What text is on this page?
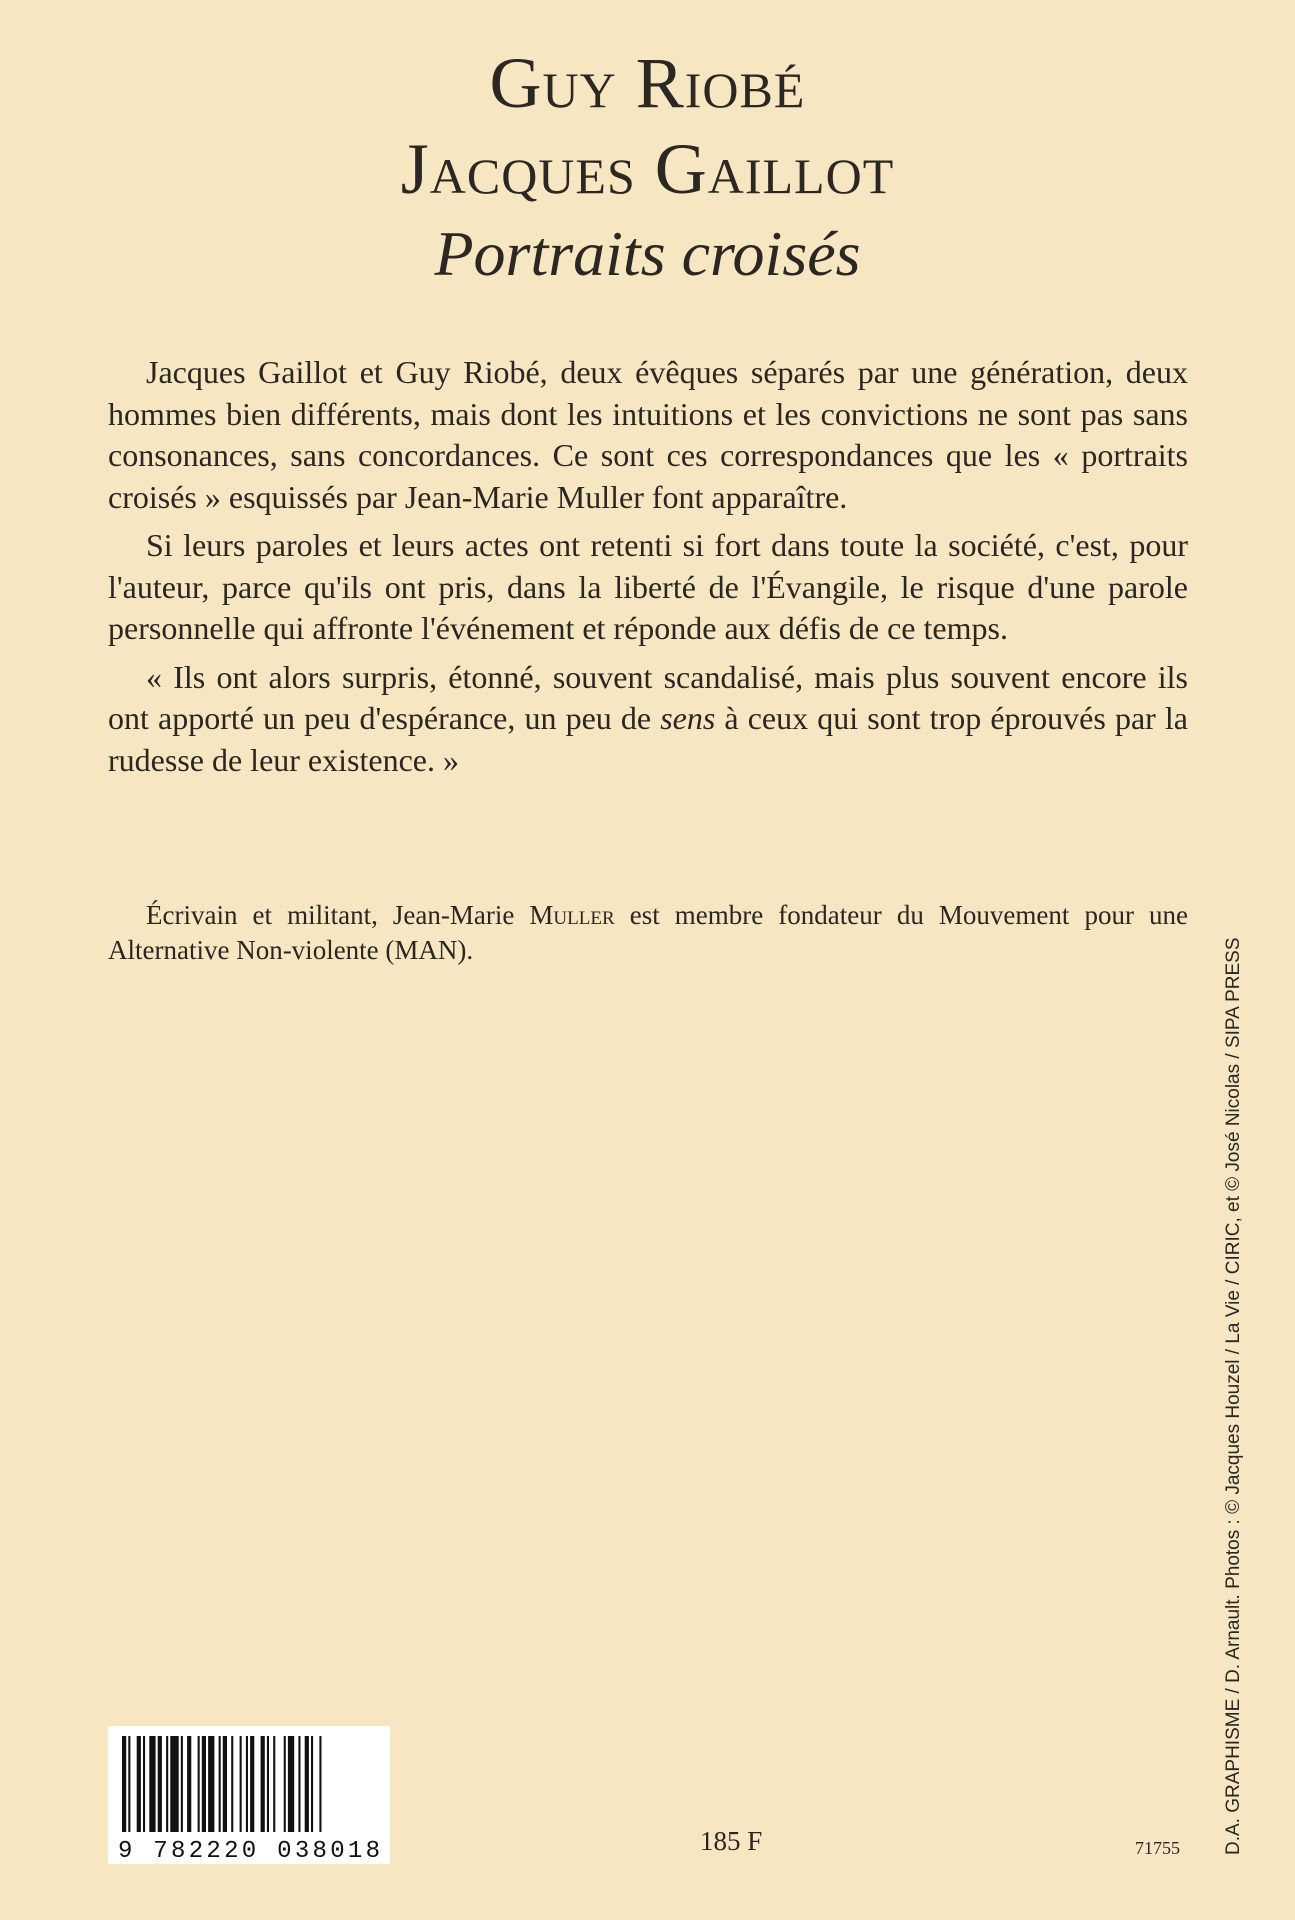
Guy Riobé
Jacques Gaillot
Portraits croisés

Jacques Gaillot et Guy Riobé, deux évêques séparés par une génération, deux hommes bien différents, mais dont les intuitions et les convictions ne sont pas sans consonances, sans concordances. Ce sont ces correspondances que les « portraits croisés » esquissés par Jean-Marie Muller font apparaître.

Si leurs paroles et leurs actes ont retenti si fort dans toute la société, c'est, pour l'auteur, parce qu'ils ont pris, dans la liberté de l'Évangile, le risque d'une parole personnelle qui affronte l'événement et réponde aux défis de ce temps.

« Ils ont alors surpris, étonné, souvent scandalisé, mais plus souvent encore ils ont apporté un peu d'espérance, un peu de sens à ceux qui sont trop éprouvés par la rudesse de leur existence. »

Écrivain et militant, Jean-Marie Muller est membre fondateur du Mouvement pour une Alternative Non-violente (MAN).

9 782220 038018	185 F	71755	D.A. GRAPHISME / D. Arnault. Photos : © Jacques Houzel / La Vie / CIRIC, et © José Nicolas / SIPA PRESS
